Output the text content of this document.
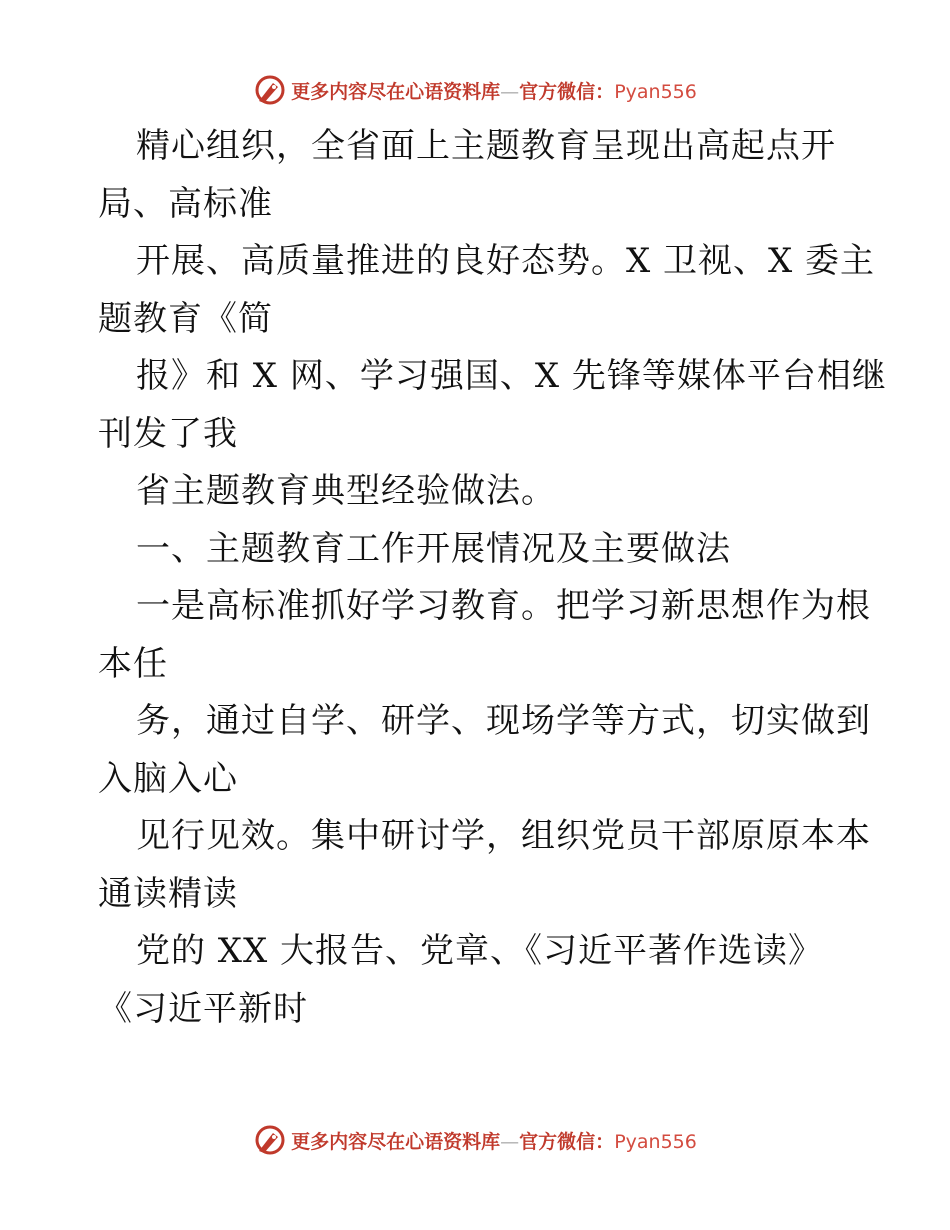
更多内容尽在心语资料库—官方微信：Pyan556
精心组织，全省面上主题教育呈现出高起点开
局、高标准
开展、高质量推进的良好态势。X 卫视、X 委主
题教育《简
报》和 X 网、学习强国、X 先锋等媒体平台相继
刊发了我
省主题教育典型经验做法。
一、主题教育工作开展情况及主要做法
一是高标准抓好学习教育。把学习新思想作为根
本任
务，通过自学、研学、现场学等方式，切实做到
入脑入心
见行见效。集中研讨学，组织党员干部原原本本
通读精读
党的 XX 大报告、党章、《习近平著作选读》
《习近平新时
更多内容尽在心语资料库—官方微信：Pyan556
